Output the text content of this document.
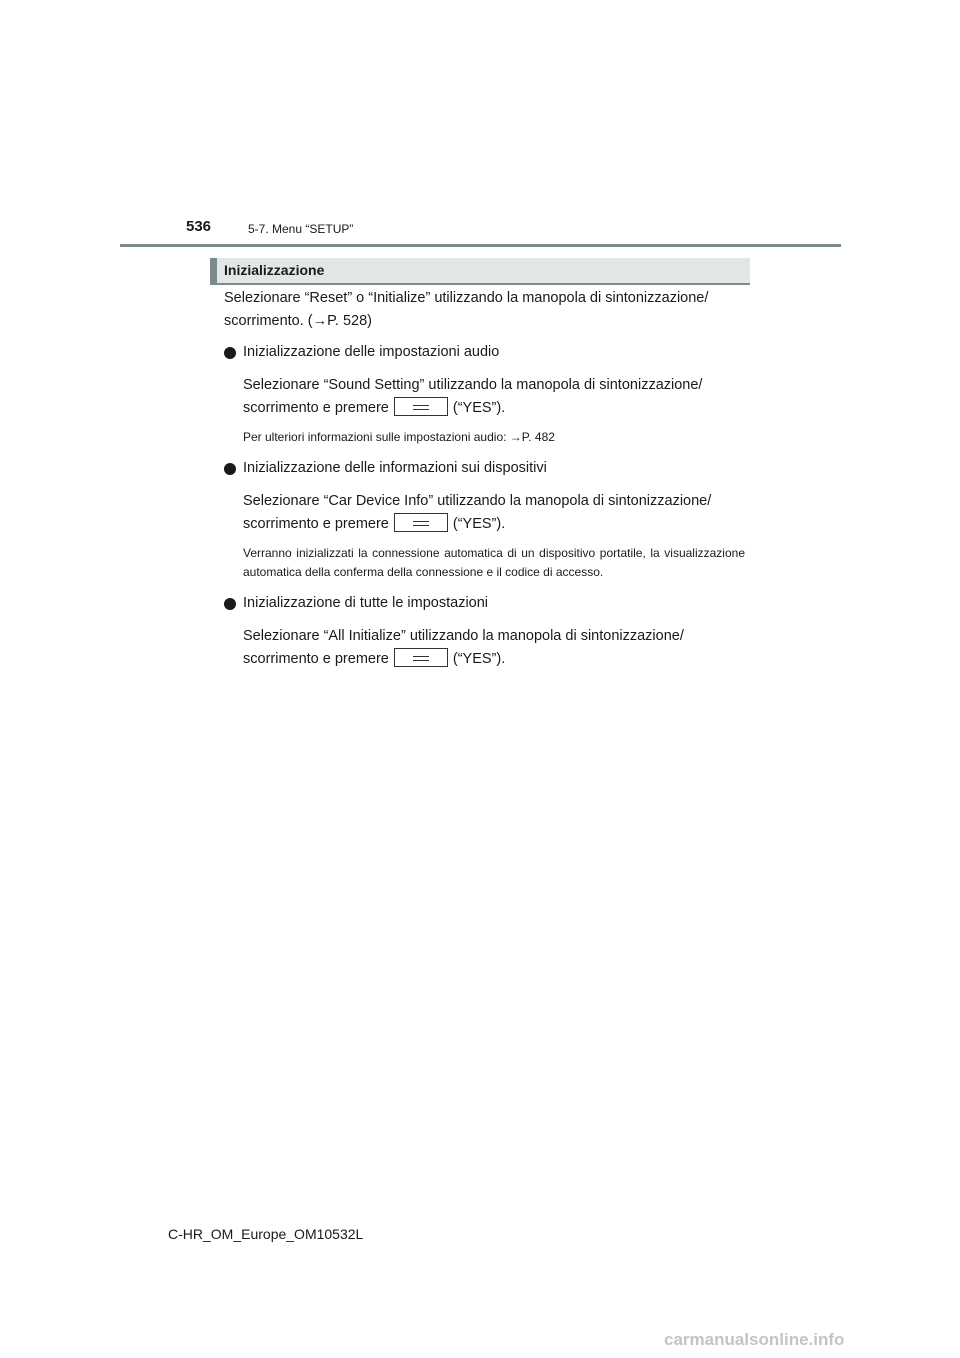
536	5-7. Menu “SETUP”
Inizializzazione

Selezionare “Reset” o “Initialize” utilizzando la manopola di sintonizzazione/
scorrimento. (→P. 528)

Inizializzazione delle impostazioni audio

Selezionare “Sound Setting” utilizzando la manopola di sintonizzazione/
scorrimento e premere	(“YES”).

Per ulteriori informazioni sulle impostazioni audio: →P. 482

Inizializzazione delle informazioni sui dispositivi

Selezionare “Car Device Info” utilizzando la manopola di sintonizzazione/
scorrimento e premere	(“YES”).

Verranno inizializzati la connessione automatica di un dispositivo portatile, la visualizzazione automatica della conferma della connessione e il codice di accesso.

Inizializzazione di tutte le impostazioni

Selezionare “All Initialize” utilizzando la manopola di sintonizzazione/
scorrimento e premere	(“YES”).

C-HR_OM_Europe_OM10532L
carmanualsonline.info
